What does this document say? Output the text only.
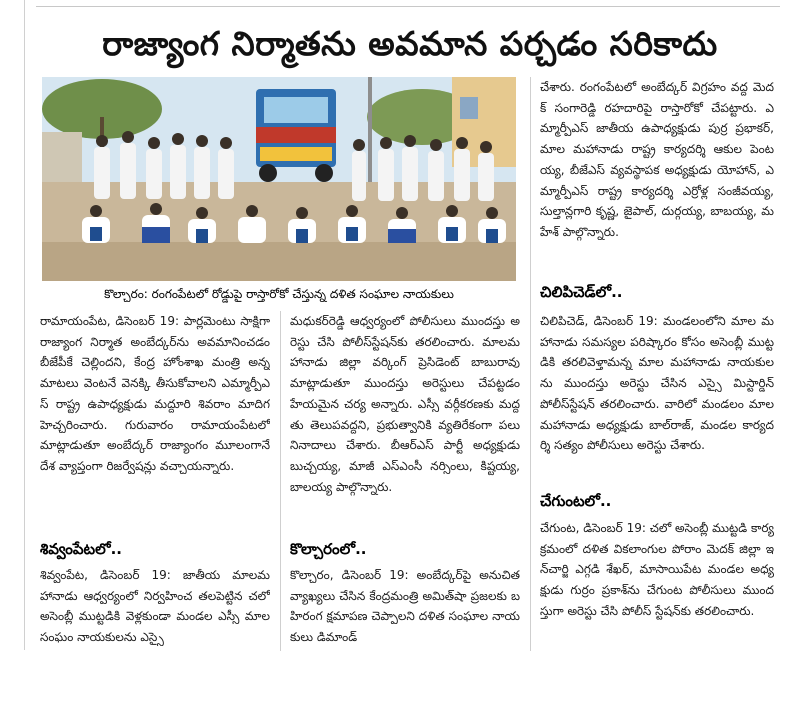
రాజ్యాంగ నిర్మాతను అవమాన పర్చడం సరికాదు
కొల్చారం: రంగంపేటలో రోడ్డుపై రాస్తారోకో చేస్తున్న దళిత సంఘాల నాయకులు
రామాయంపేట, డిసెంబర్ 19: పార్లమెంటు సాక్షిగా రాజ్యాంగ నిర్మాత అంబేద్కర్‌ను అవమానించడం బీజేపీకే చెల్లిందని, కేంద్ర హోంశాఖ మంత్రి అన్న మాటలు వెంటనే వెనక్కి తీసుకోవాలని ఎమ్మార్పీఎస్ రాష్ట్ర ఉపాధ్యక్షుడు మద్దూరి శివరాం మాదిగ హెచ్చరించారు. గురువారం రామాయంపేటలో మాట్లాడుతూ అంబేద్కర్ రాజ్యాంగం మూలంగానే దేశ వ్యాప్తంగా రిజర్వేషన్లు వచ్చాయన్నారు.
శివ్వంపేటలో..
శివ్వంపేట, డిసెంబర్ 19: జాతీయ మాలమహానాడు ఆధ్వర్యంలో నిర్వహించ తలపెట్టిన చలో అసెంబ్లీ ముట్టడికి వెళ్లకుండా మండల ఎస్సీ మాలసంఘం నాయకులను ఎస్సై
మధుకర్‌రెడ్డి ఆధ్వర్యంలో పోలీసులు ముందస్తు అరెస్టు చేసి పోలీస్‌స్టేషన్‌కు తరలించారు. మాలమహానాడు జిల్లా వర్కింగ్ ప్రెసిడెంట్ బాబురావు మాట్లాడుతూ ముందస్తు అరెస్టులు చేపట్టడం హేయమైన చర్య అన్నారు. ఎస్సీ వర్గీకరణకు మద్దతు తెలుపవద్దని, ప్రభుత్వానికి వ్యతిరేకంగా పలు నినాదాలు చేశారు. బీఆర్ఎస్ పార్టీ అధ్యక్షుడు బుచ్చయ్య, మాజీ ఎస్ఎంసీ నర్సింలు, కిష్టయ్య, బాలయ్య పాల్గొన్నారు.
కొల్చారంలో..
కొల్చారం, డిసెంబర్ 19: అంబేద్కర్‌పై అనుచిత వ్యాఖ్యలు చేసిన కేంద్రమంత్రి అమిత్‌షా ప్రజలకు బహిరంగ క్షమాపణ చెప్పాలని దళిత సంఘాల నాయకులు డిమాండ్
చేశారు. రంగంపేటలో అంబేద్కర్ విగ్రహం వద్ద మెదక్ సంగారెడ్డి రహదారిపై రాస్తారోకో చేపట్టారు. ఎమ్మార్పీఎస్ జాతీయ ఉపాధ్యక్షుడు పుర్ర ప్రభాకర్, మాల మహానాడు రాష్ట్ర కార్యదర్శి ఆకుల పెంటయ్య, బీజేఎస్ వ్యవస్థాపక అధ్యక్షుడు యోహాన్, ఎమ్మార్పీఎస్ రాష్ట్ర కార్యదర్శి ఎర్రోళ్ల సంజీవయ్య, సుల్తాన్లగారి కృష్ణ, జైపాల్, దుర్గయ్య, బాబయ్య, మహేశ్ పాల్గొన్నారు.
చిలిపిచెడ్‌లో..
చిలిపిచెడ్, డిసెంబర్ 19: మండలంలోని మాల మహానాడు సమస్యల పరిష్కారం కోసం అసెంబ్లీ ముట్టడికి తరలివెళ్తామన్న మాల మహానాడు నాయకులను ముందస్తు అరెస్టు చేసిన ఎస్సై మిస్టార్డిన్ పోలీస్‌స్టేషన్ తరలించారు. వారిలో మండలం మాల మహానాడు అధ్యక్షుడు బాల్‌రాజ్, మండల కార్యదర్శి సత్యం పోలీసులు అరెస్టు చేశారు.
చేగుంటలో..
చేగుంట, డిసెంబర్ 19: చలో అసెంబ్లీ ముట్టడి కార్యక్రమంలో దళిత వికలాంగుల పోరాం మెదక్ జిల్లా ఇన్‌చార్జి ఎగ్గడి శేఖర్, మాసాయిపేట మండల అధ్యక్షుడు గుర్రం ప్రకాశ్‌ను చేగుంట పోలీసులు ముందస్తుగా అరెస్టు చేసి పోలీస్ స్టేషన్‌కు తరలించారు.
